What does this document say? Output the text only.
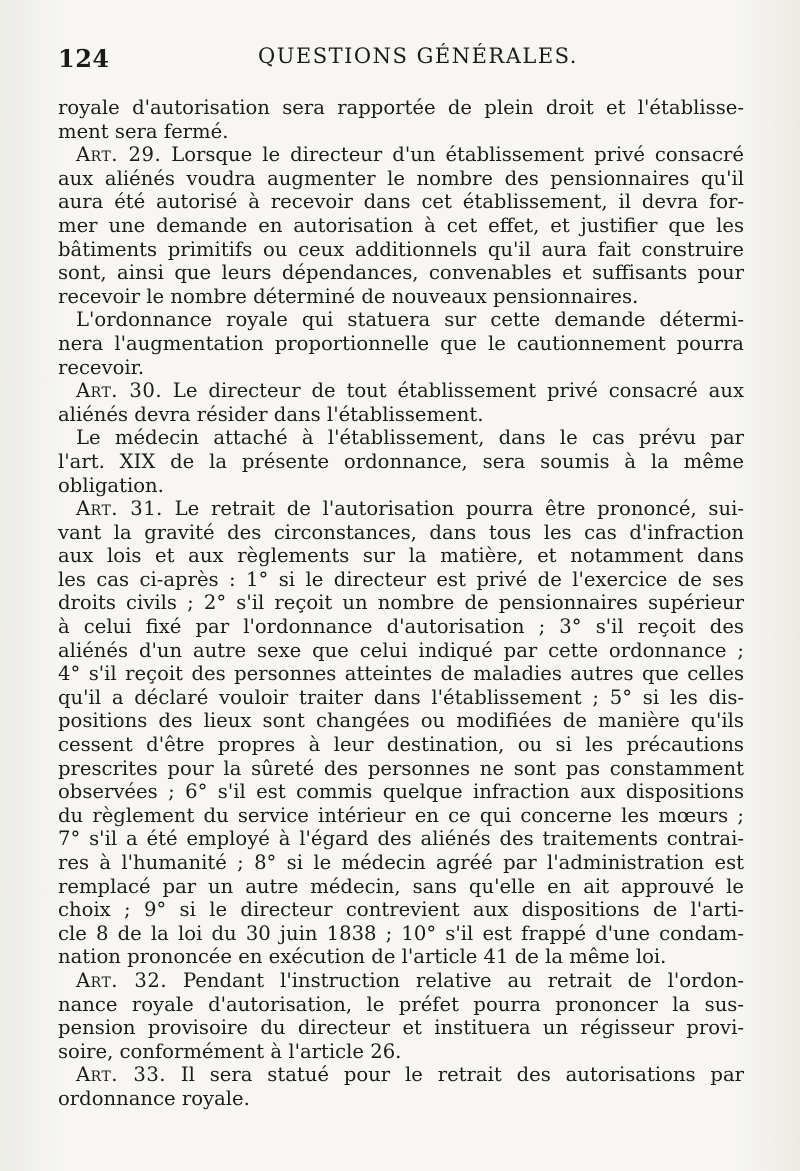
124	QUESTIONS GÉNÉRALES.
royale d'autorisation sera rapportée de plein droit et l'établisse-
ment sera fermé.
Art. 29. Lorsque le directeur d'un établissement privé consacré
aux aliénés voudra augmenter le nombre des pensionnaires qu'il
aura été autorisé à recevoir dans cet établissement, il devra for-
mer une demande en autorisation à cet effet, et justifier que les
bâtiments primitifs ou ceux additionnels qu'il aura fait construire
sont, ainsi que leurs dépendances, convenables et suffisants pour
recevoir le nombre déterminé de nouveaux pensionnaires.
L'ordonnance royale qui statuera sur cette demande détermi-
nera l'augmentation proportionnelle que le cautionnement pourra
recevoir.
Art. 30. Le directeur de tout établissement privé consacré aux
aliénés devra résider dans l'établissement.
Le médecin attaché à l'établissement, dans le cas prévu par
l'art. XIX de la présente ordonnance, sera soumis à la même
obligation.
Art. 31. Le retrait de l'autorisation pourra être prononcé, sui-
vant la gravité des circonstances, dans tous les cas d'infraction
aux lois et aux règlements sur la matière, et notamment dans
les cas ci-après : 1° si le directeur est privé de l'exercice de ses
droits civils ; 2° s'il reçoit un nombre de pensionnaires supérieur
à celui fixé par l'ordonnance d'autorisation ; 3° s'il reçoit des
aliénés d'un autre sexe que celui indiqué par cette ordonnance ;
4° s'il reçoit des personnes atteintes de maladies autres que celles
qu'il a déclaré vouloir traiter dans l'établissement ; 5° si les dis-
positions des lieux sont changées ou modifiées de manière qu'ils
cessent d'être propres à leur destination, ou si les précautions
prescrites pour la sûreté des personnes ne sont pas constamment
observées ; 6° s'il est commis quelque infraction aux dispositions
du règlement du service intérieur en ce qui concerne les mœurs ;
7° s'il a été employé à l'égard des aliénés des traitements contrai-
res à l'humanité ; 8° si le médecin agréé par l'administration est
remplacé par un autre médecin, sans qu'elle en ait approuvé le
choix ; 9° si le directeur contrevient aux dispositions de l'arti-
cle 8 de la loi du 30 juin 1838 ; 10° s'il est frappé d'une condam-
nation prononcée en exécution de l'article 41 de la même loi.
Art. 32. Pendant l'instruction relative au retrait de l'ordon-
nance royale d'autorisation, le préfet pourra prononcer la sus-
pension provisoire du directeur et instituera un régisseur provi-
soire, conformément à l'article 26.
Art. 33. Il sera statué pour le retrait des autorisations par
ordonnance royale.
